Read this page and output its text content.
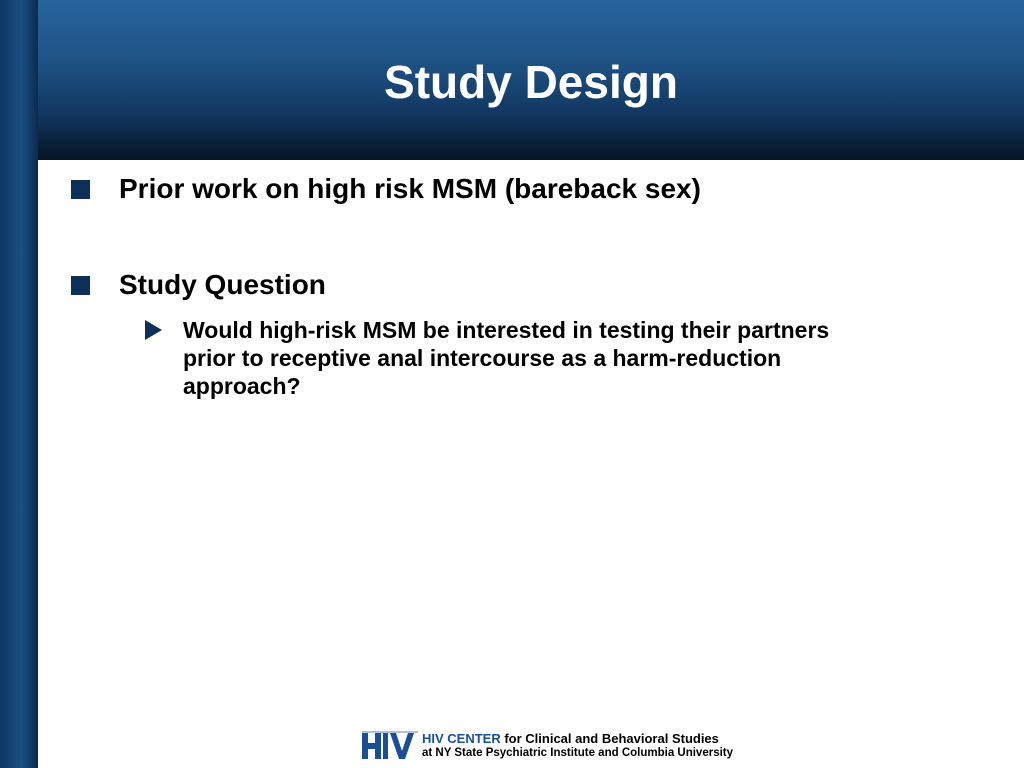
Study Design
Prior work on high risk MSM (bareback sex)
Study Question
Would high-risk MSM be interested in testing their partners prior to receptive anal intercourse as a harm-reduction approach?
HIV CENTER for Clinical and Behavioral Studies
at NY State Psychiatric Institute and Columbia University
